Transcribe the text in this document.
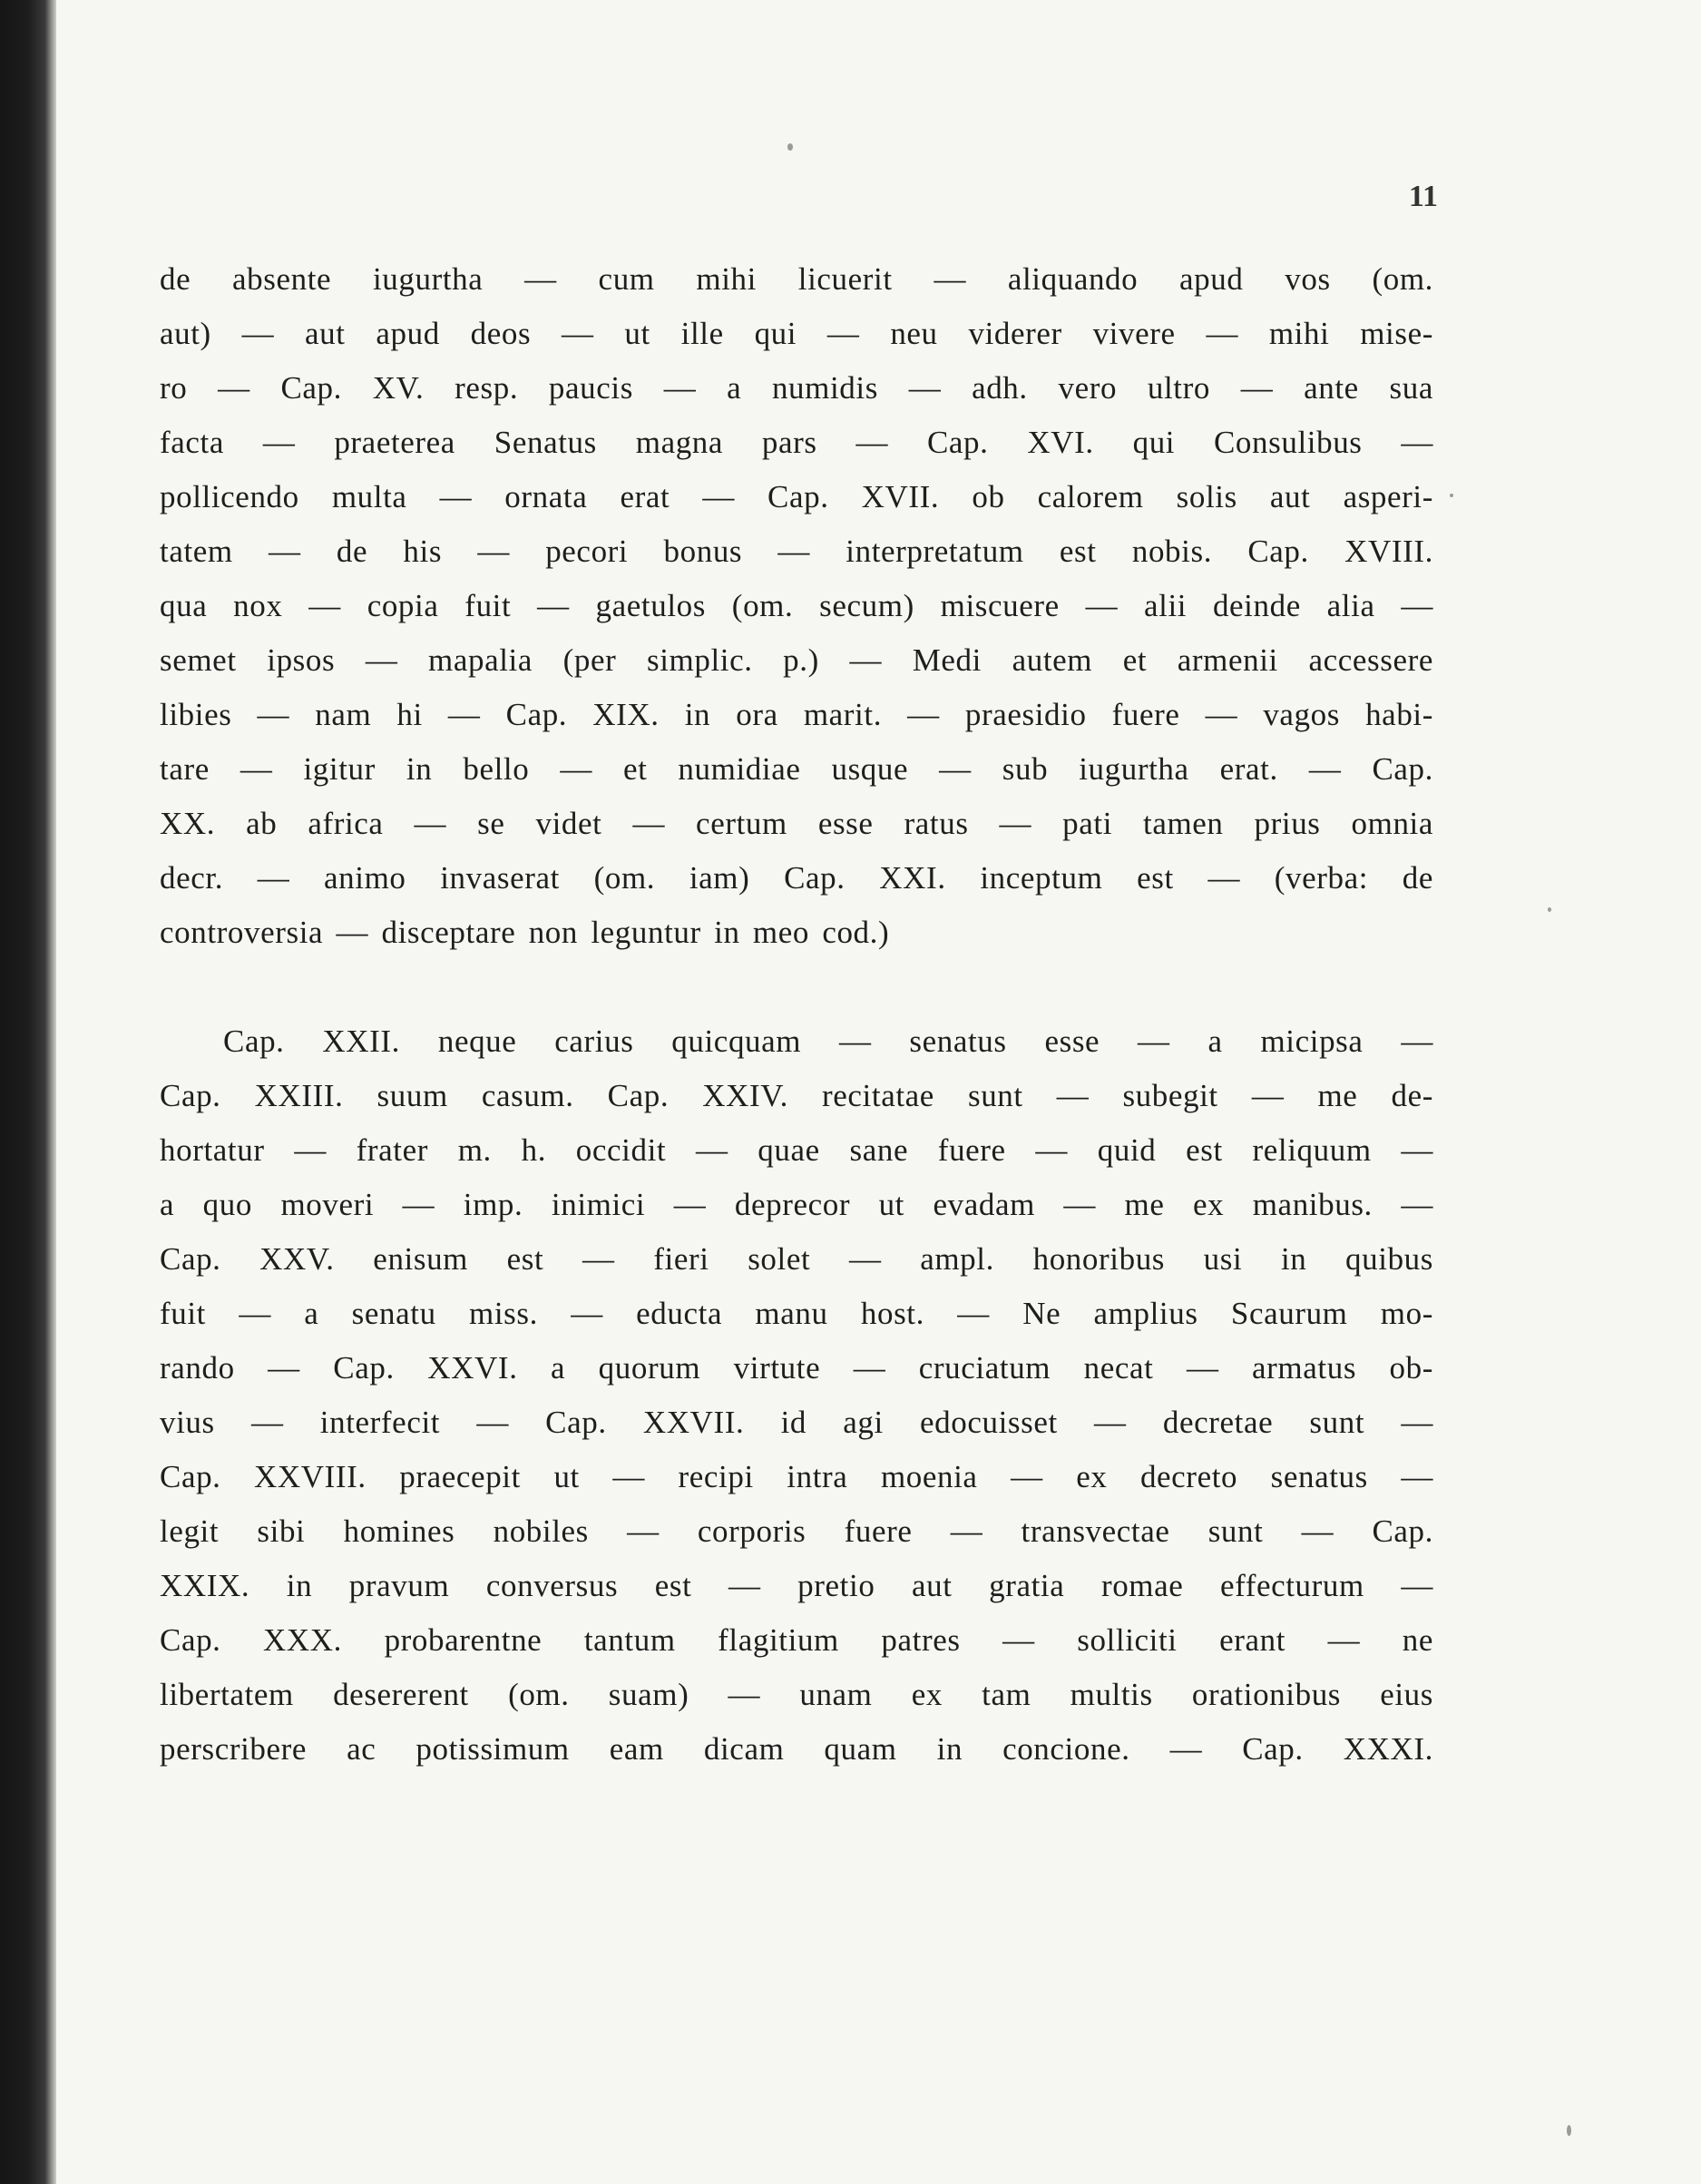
11
de absente iugurtha — cum mihi licuerit — aliquando apud vos (om.
aut) — aut apud deos — ut ille qui — neu viderer vivere — mihi mise-
ro — Cap. XV. resp. paucis — a numidis — adh. vero ultro — ante sua
facta — praeterea Senatus magna pars — Cap. XVI. qui Consulibus —
pollicendo multa — ornata erat — Cap. XVII. ob calorem solis aut asperi-
tatem — de his — pecori bonus — interpretatum est nobis. Cap. XVIII.
qua nox — copia fuit — gaetulos (om. secum) miscuere — alii deinde alia —
semet ipsos — mapalia (per simplic. p.) — Medi autem et armenii accessere
libies — nam hi — Cap. XIX. in ora marit. — praesidio fuere — vagos habi-
tare — igitur in bello — et numidiae usque — sub iugurtha erat. — Cap.
XX. ab africa — se videt — certum esse ratus — pati tamen prius omnia
decr. — animo invaserat (om. iam) Cap. XXI. inceptum est — (verba: de
controversia — disceptare non leguntur in meo cod.)
Cap. XXII. neque carius quicquam — senatus esse — a micipsa —
Cap. XXIII. suum casum. Cap. XXIV. recitatae sunt — subegit — me de-
hortatur — frater m. h. occidit — quae sane fuere — quid est reliquum —
a quo moveri — imp. inimici — deprecor ut evadam — me ex manibus. —
Cap. XXV. enisum est — fieri solet — ampl. honoribus usi in quibus
fuit — a senatu miss. — educta manu host. — Ne amplius Scaurum mo-
rando — Cap. XXVI. a quorum virtute — cruciatum necat — armatus ob-
vius — interfecit — Cap. XXVII. id agi edocuisset — decretae sunt —
Cap. XXVIII. praecepit ut — recipi intra moenia — ex decreto senatus —
legit sibi homines nobiles — corporis fuere — transvectae sunt — Cap.
XXIX. in pravum conversus est — pretio aut gratia romae effecturum —
Cap. XXX. probarentne tantum flagitium patres — solliciti erant — ne
libertatem desererent (om. suam) — unam ex tam multis orationibus eius
perscribere ac potissimum eam dicam quam in concione. — Cap. XXXI.
